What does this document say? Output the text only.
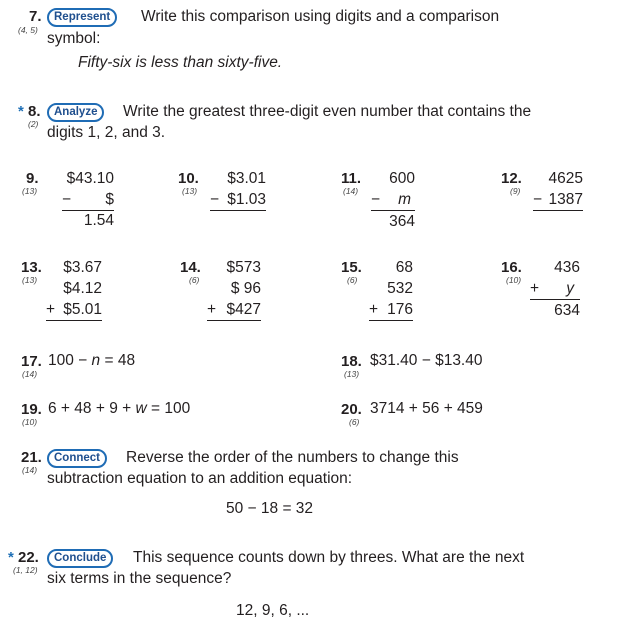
7.
(4, 5)
Represent	Write this comparison using digits and a comparison
symbol:
Fifty-six is less than sixty-five.
* 8.
(2)
Analyze	Write the greatest three-digit even number that contains the
digits 1, 2, and 3.
9.
(13)
$43.10
− $ 1.54
10.
(13)
$3.01
− $1.03
11.
(14)
600
− m
364
12.
(9)
4625
− 1387
13.
(13)
$3.67
$4.12
+ $5.01
14.
(6)
$573
$ 96
+ $427
15.
(6)
68
532
+ 176
16.
(10)
436
+ y
634
17.
(14)
100 − n = 48	18.
(13)
$31.40 − $13.40
19.
(10)
6 + 48 + 9 + w = 100	20.
(6)
3714 + 56 + 459
21.
(14)
Connect	Reverse the order of the numbers to change this
subtraction equation to an addition equation:
50 − 18 = 32
* 22.
(1, 12)
Conclude	This sequence counts down by threes. What are the next
six terms in the sequence?
12, 9, 6, ...
